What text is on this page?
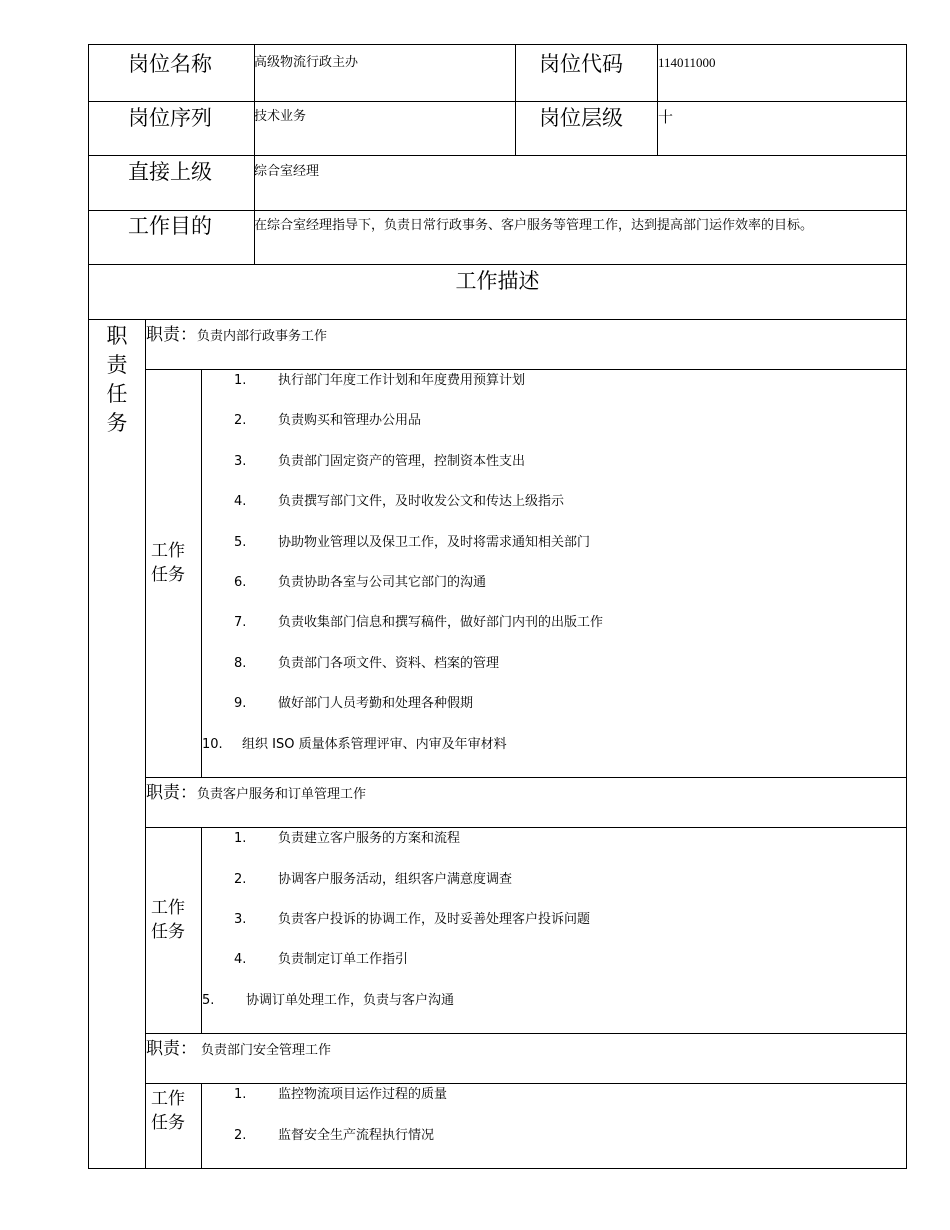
岗位名称	高级物流行政主办	岗位代码	114011000
岗位序列	技术业务	岗位层级 十
直接上级	综合室经理
工作目的	在综合室经理指导下，负责日常行政事务、客户服务等管理工作，达到提高部门运作效率的目标。
工作描述
职
责
任
务
职责：负责内部行政事务工作
工作
任务
1. 执行部门年度工作计划和年度费用预算计划
2. 负责购买和管理办公用品
3. 负责部门固定资产的管理，控制资本性支出
4. 负责撰写部门文件，及时收发公文和传达上级指示
5. 协助物业管理以及保卫工作，及时将需求通知相关部门
6. 负责协助各室与公司其它部门的沟通
7. 负责收集部门信息和撰写稿件，做好部门内刊的出版工作
8. 负责部门各项文件、资料、档案的管理
9. 做好部门人员考勤和处理各种假期
10. 组织 ISO 质量体系管理评审、内审及年审材料
职责：负责客户服务和订单管理工作
工作
任务
1. 负责建立客户服务的方案和流程
2. 协调客户服务活动，组织客户满意度调查
3. 负责客户投诉的协调工作，及时妥善处理客户投诉问题
4. 负责制定订单工作指引
5. 协调订单处理工作，负责与客户沟通
职责： 负责部门安全管理工作
工作
任务
1. 监控物流项目运作过程的质量
2. 监督安全生产流程执行情况
